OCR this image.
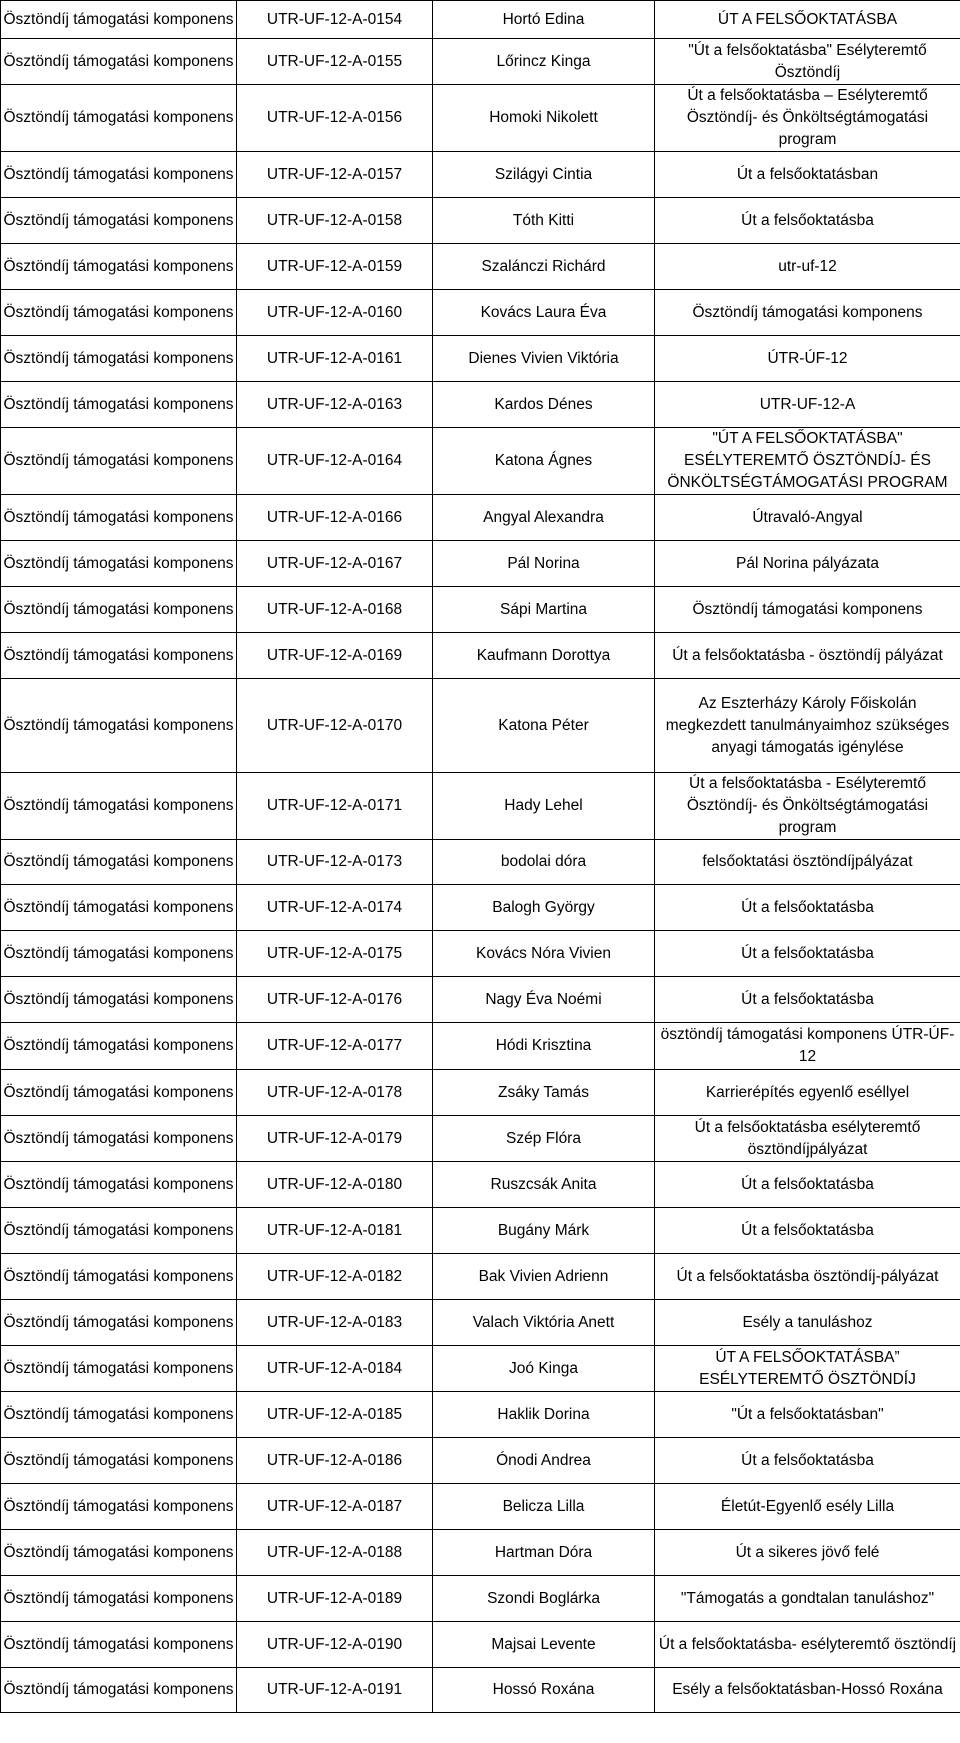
Ösztöndíj támogatási komponens	UTR-UF-12-A-0154	Hortó Edina	ÚT A FELSŐOKTATÁSBA
Ösztöndíj támogatási komponens	UTR-UF-12-A-0155	Lőrincz Kinga	"Út a felsőoktatásba" Esélyteremtő Ösztöndíj
Ösztöndíj támogatási komponens	UTR-UF-12-A-0156	Homoki Nikolett	Út a felsőoktatásba – Esélyteremtő Ösztöndíj- és Önköltségtámogatási program
Ösztöndíj támogatási komponens	UTR-UF-12-A-0157	Szilágyi Cintia	Út a felsőoktatásban
Ösztöndíj támogatási komponens	UTR-UF-12-A-0158	Tóth Kitti	Út a felsőoktatásba
Ösztöndíj támogatási komponens	UTR-UF-12-A-0159	Szalánczi Richárd	utr-uf-12
Ösztöndíj támogatási komponens	UTR-UF-12-A-0160	Kovács Laura Éva	Ösztöndíj támogatási komponens
Ösztöndíj támogatási komponens	UTR-UF-12-A-0161	Dienes Vivien Viktória	ÚTR-ÚF-12
Ösztöndíj támogatási komponens	UTR-UF-12-A-0163	Kardos Dénes	UTR-UF-12-A
Ösztöndíj támogatási komponens	UTR-UF-12-A-0164	Katona Ágnes	"ÚT A FELSŐOKTATÁSBA" ESÉLYTEREMTŐ ÖSZTÖNDÍJ- ÉS ÖNKÖLTSÉGTÁMOGATÁSI PROGRAM
Ösztöndíj támogatási komponens	UTR-UF-12-A-0166	Angyal Alexandra	Útravaló-Angyal
Ösztöndíj támogatási komponens	UTR-UF-12-A-0167	Pál Norina	Pál Norina pályázata
Ösztöndíj támogatási komponens	UTR-UF-12-A-0168	Sápi Martina	Ösztöndíj támogatási komponens
Ösztöndíj támogatási komponens	UTR-UF-12-A-0169	Kaufmann Dorottya	Út a felsőoktatásba - ösztöndíj pályázat
Ösztöndíj támogatási komponens	UTR-UF-12-A-0170	Katona Péter	Az Eszterházy Károly Főiskolán megkezdett tanulmányaimhoz szükséges anyagi támogatás igénylése
Ösztöndíj támogatási komponens	UTR-UF-12-A-0171	Hady Lehel	Út a felsőoktatásba - Esélyteremtő Ösztöndíj- és Önköltségtámogatási program
Ösztöndíj támogatási komponens	UTR-UF-12-A-0173	bodolai dóra	felsőoktatási ösztöndíjpályázat
Ösztöndíj támogatási komponens	UTR-UF-12-A-0174	Balogh György	Út a felsőoktatásba
Ösztöndíj támogatási komponens	UTR-UF-12-A-0175	Kovács Nóra Vivien	Út a felsőoktatásba
Ösztöndíj támogatási komponens	UTR-UF-12-A-0176	Nagy Éva Noémi	Út a felsőoktatásba
Ösztöndíj támogatási komponens	UTR-UF-12-A-0177	Hódi Krisztina	ösztöndíj támogatási komponens ÚTR-ÚF-12
Ösztöndíj támogatási komponens	UTR-UF-12-A-0178	Zsáky Tamás	Karrierépítés egyenlő eséllyel
Ösztöndíj támogatási komponens	UTR-UF-12-A-0179	Szép Flóra	Út a felsőoktatásba esélyteremtő ösztöndíjpályázat
Ösztöndíj támogatási komponens	UTR-UF-12-A-0180	Ruszcsák Anita	Út a felsőoktatásba
Ösztöndíj támogatási komponens	UTR-UF-12-A-0181	Bugány Márk	Út a felsőoktatásba
Ösztöndíj támogatási komponens	UTR-UF-12-A-0182	Bak Vivien Adrienn	Út a felsőoktatásba ösztöndíj-pályázat
Ösztöndíj támogatási komponens	UTR-UF-12-A-0183	Valach Viktória Anett	Esély a tanuláshoz
Ösztöndíj támogatási komponens	UTR-UF-12-A-0184	Joó Kinga	ÚT A FELSŐOKTATÁSBA” ESÉLYTEREMTŐ ÖSZTÖNDÍJ
Ösztöndíj támogatási komponens	UTR-UF-12-A-0185	Haklik Dorina	"Út a felsőoktatásban"
Ösztöndíj támogatási komponens	UTR-UF-12-A-0186	Ónodi Andrea	Út a felsőoktatásba
Ösztöndíj támogatási komponens	UTR-UF-12-A-0187	Belicza Lilla	Életút-Egyenlő esély Lilla
Ösztöndíj támogatási komponens	UTR-UF-12-A-0188	Hartman Dóra	Út a sikeres jövő felé
Ösztöndíj támogatási komponens	UTR-UF-12-A-0189	Szondi Boglárka	"Támogatás a gondtalan tanuláshoz"
Ösztöndíj támogatási komponens	UTR-UF-12-A-0190	Majsai Levente	Út a felsőoktatásba- esélyteremtő ösztöndíj
Ösztöndíj támogatási komponens	UTR-UF-12-A-0191	Hossó Roxána	Esély a felsőoktatásban-Hossó Roxána
